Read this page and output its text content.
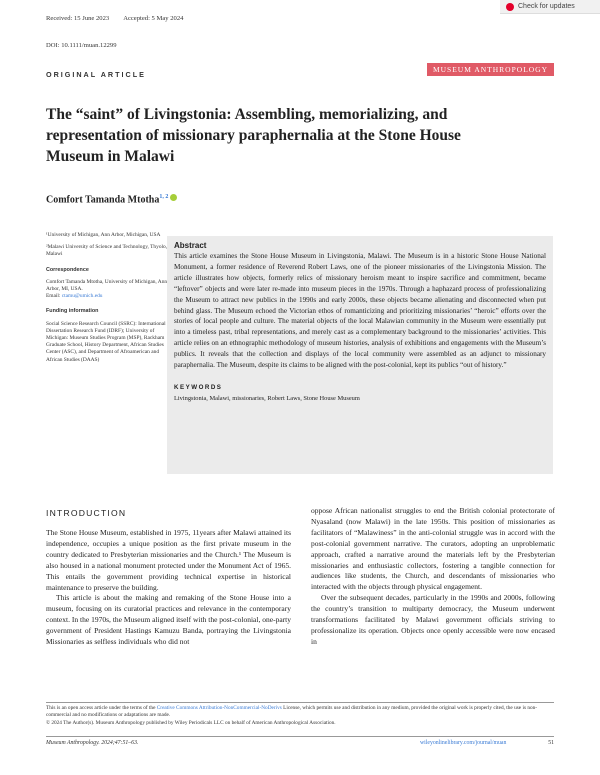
Check for updates
Received: 15 June 2023 Accepted: 5 May 2024
DOI: 10.1111/muan.12299
ORIGINAL ARTICLE
MUSEUM ANTHROPOLOGY
The “saint” of Livingstonia: Assembling, memorializing, and representation of missionary paraphernalia at the Stone House Museum in Malawi
Comfort Tamanda Mtotha$^{1, 2}$

¹University of Michigan, Ann Arbor, Michigan, USA

²Malawi University of Science and Technology, Thyolo, Malawi

Correspondence

Comfort Tamanda Mtotha, University of Michigan, Ann Arbor, MI, USA.
Email: ctamu@umich.edu

Funding information

Social Science Research Council (SSRC): International Dissertation Research Fund (IDRF); University of Michigan: Museum Studies Program (MSP), Rackham Graduate School, History Department, African Studies Center (ASC), and Department of Afroamerican and African Studies (DAAS)

Abstract
This article examines the Stone House Museum in Livingstonia, Malawi. The Museum is in a historic Stone House National Monument, a former residence of Reverend Robert Laws, one of the pioneer missionaries of the Livingstonia Mission. The article illustrates how objects, formerly relics of missionary heroism meant to inspire sacrifice and commitment, became “leftover” objects and were later re-made into museum pieces in the 1970s. Through a haphazard process of professionalizing the Museum to attract new publics in the 1990s and early 2000s, these objects became alienating and disconnected when put behind glass. The Museum echoed the Victorian ethos of romanticizing and prioritizing missionaries’ “heroic” efforts over the stories of local people and culture. The material objects of the local Malawian community in the Museum were essentially put into a timeless past, tribal representations, and merely cast as a complementary background to the missionaries’ activities. This article relies on an ethnographic methodology of museum histories, analysis of exhibitions and engagements with the Museum’s publics. It reveals that the collection and displays of the local community were assembled as an adjunct to missionary paraphernalia. The Museum, despite its claims to be aligned with the post-colonial, kept its publics “out of history.”
KEYWORDS
Livingstonia, Malawi, missionaries, Robert Laws, Stone House Museum
INTRODUCTION

The Stone House Museum, established in 1975, 11years after Malawi attained its independence, occupies a unique position as the first private museum in the country dedicated to Presbyterian missionaries and the Church.¹ The Museum is also housed in a national monument protected under the Monument Act of 1965. This entails the government providing technical expertise in historical maintenance to preserve the building.

This article is about the making and remaking of the Stone House into a museum, focusing on its curatorial practices and relevance in the contemporary context. In the 1970s, the Museum aligned itself with the post-colonial, one-party government of President Hastings Kamuzu Banda, portraying the Livingstonia Missionaries as selfless individuals who did not

oppose African nationalist struggles to end the British colonial protectorate of Nyasaland (now Malawi) in the late 1950s. This position of missionaries as facilitators of “Malawiness” in the anti-colonial struggle was in accord with the post-colonial government narrative. The curators, adopting an unproblematic approach, crafted a narrative around the materials left by the Presbyterian missionaries and enthusiastic collectors, fostering a tangible connection for audiences like students, the Church, and descendants of missionaries who interacted with the objects through physical engagement.

Over the subsequent decades, particularly in the 1990s and 2000s, following the country’s transition to multiparty democracy, the Museum underwent transformations facilitated by Malawi government officials striving to professionalize its operation. Objects once openly accessible were now encased in

This is an open access article under the terms of the Creative Commons Attribution-NonCommercial-NoDerivs License, which permits use and distribution in any medium, provided the original work is properly cited, the use is non-commercial and no modifications or adaptations are made.
© 2024 The Author(s). Museum Anthropology published by Wiley Periodicals LLC on behalf of American Anthropological Association.
Museum Anthropology. 2024;47:51–63.	wileyonlinelibrary.com/journal/muan	51
